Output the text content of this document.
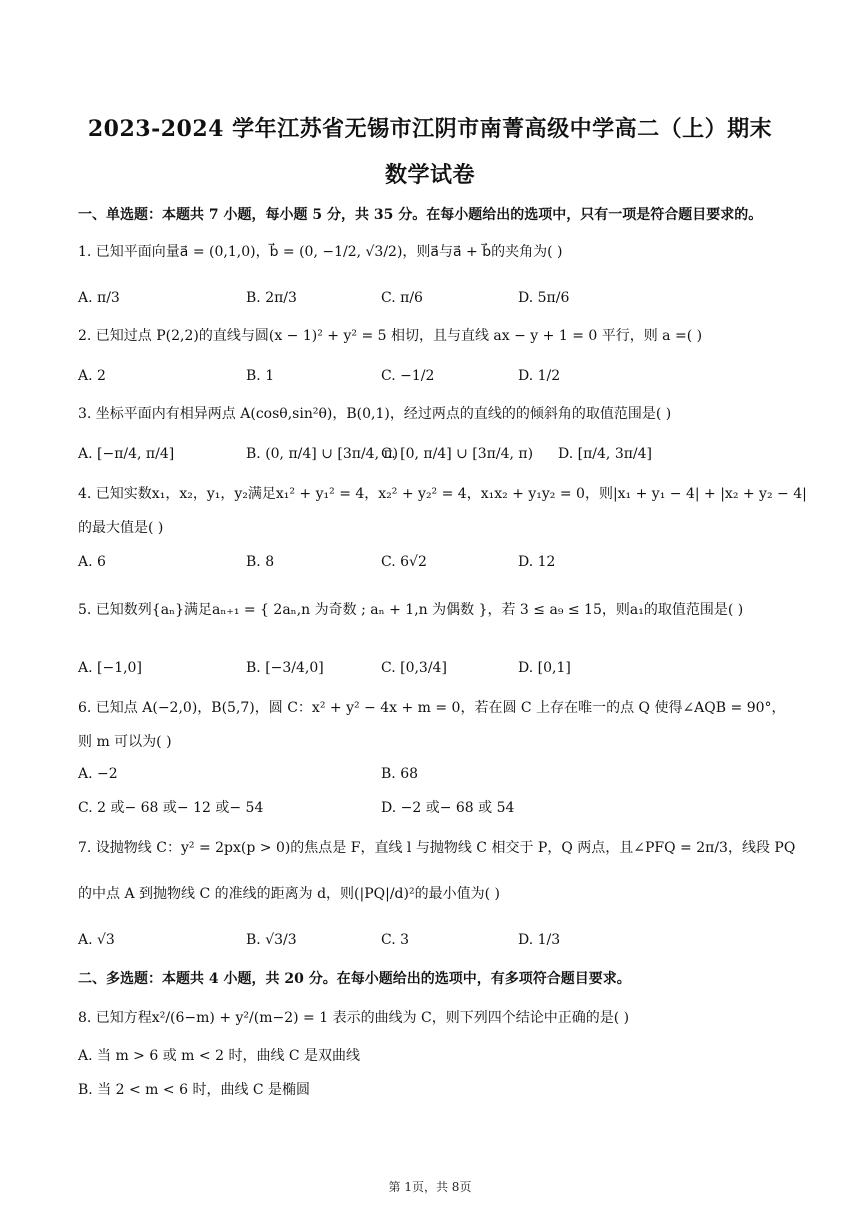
2023-2024 学年江苏省无锡市江阴市南菁高级中学高二（上）期末
数学试卷
一、单选题：本题共 7 小题，每小题 5 分，共 35 分。在每小题给出的选项中，只有一项是符合题目要求的。
1. 已知平面向量a⃗ = (0,1,0)，b⃗ = (0, −1/2, √3/2)，则a⃗与a⃗ + b⃗的夹角为( )
A. π/3	B. 2π/3	C. π/6	D. 5π/6
2. 已知过点 P(2,2)的直线与圆(x − 1)² + y² = 5 相切，且与直线 ax − y + 1 = 0 平行，则 a =( )
A. 2	B. 1	C. −1/2	D. 1/2
3. 坐标平面内有相异两点 A(cosθ,sin²θ)，B(0,1)，经过两点的直线的的倾斜角的取值范围是( )
A. [−π/4, π/4]	B. (0, π/4] ∪ [3π/4, π)
C. [0, π/4] ∪ [3π/4, π) D. [π/4, 3π/4]
4. 已知实数x₁，x₂，y₁，y₂满足x₁² + y₁² = 4，x₂² + y₂² = 4，x₁x₂ + y₁y₂ = 0，则|x₁ + y₁ − 4| + |x₂ + y₂ − 4|
的最大值是( )
A. 6	B. 8	C. 6√2	D. 12
5. 已知数列{aₙ}满足aₙ₊₁ = { 2aₙ,n 为奇数 ; aₙ + 1,n 为偶数 }，若 3 ≤ a₉ ≤ 15，则a₁的取值范围是( )
A. [−1,0]	B. [−3/4,0]	C. [0,3/4]	D. [0,1]
6. 已知点 A(−2,0)，B(5,7)，圆 C：x² + y² − 4x + m = 0，若在圆 C 上存在唯一的点 Q 使得∠AQB = 90°，
则 m 可以为( )
A. −2	B. 68
C. 2 或− 68 或− 12 或− 54	D. −2 或− 68 或 54
7. 设抛物线 C：y² = 2px(p > 0)的焦点是 F，直线 l 与抛物线 C 相交于 P，Q 两点，且∠PFQ = 2π/3，线段 PQ
的中点 A 到抛物线 C 的准线的距离为 d，则(|PQ|/d)²的最小值为( )
A. √3	B. √3/3	C. 3	D. 1/3
二、多选题：本题共 4 小题，共 20 分。在每小题给出的选项中，有多项符合题目要求。
8. 已知方程x²/(6−m) + y²/(m−2) = 1 表示的曲线为 C，则下列四个结论中正确的是( )
A. 当 m > 6 或 m < 2 时，曲线 C 是双曲线
B. 当 2 < m < 6 时，曲线 C 是椭圆
第 1页，共 8页
